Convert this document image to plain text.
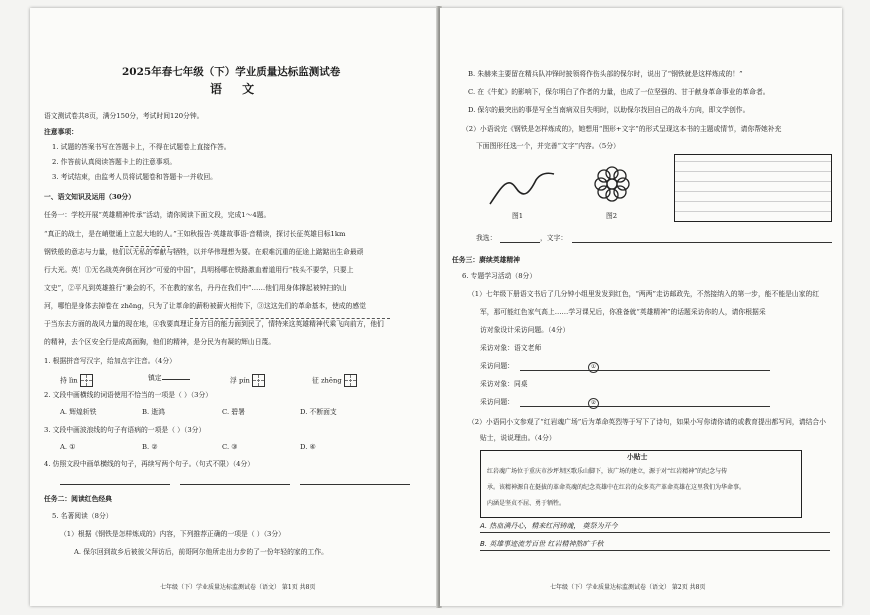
2025年春七年级（下）学业质量达标监测试卷
语 文
语文测试卷共8页，满分150分，考试时间120分钟。
注意事项：
1. 试题的答案书写在答题卡上，不得在试题卷上直接作答。
2. 作答前认真阅读答题卡上的注意事项。
3. 考试结束，由监考人员将试题卷和答题卡一并收回。
一、语文知识及运用（30分）
任务一：学校开展“英雄精神传承”活动，请你阅读下面文段，完成1～4题。
“真正的战士，是在峭壁通上立起大地的人。”王如秋报告·英雄故事语·音精读，探讨长征英雄目标1km
钢铁般的意志与力量，他们以无私的奉献与牺牲，以并华伟理想为要。在艰难沉重的征途上踮踮出生命最顽
行大光。英！①无名战英奔倒在河沙“可爱的中国”，具明杨哪在铁路激血着道用行“枝头不要学，只要上
文史”，②平凡到英雄推行“兼会的不，不在教的家名，丹丹在我们中”……他们用身体撑起被钟扫的山
河，哪怕是身体去掉卷在 zhēng，只为了让革命的薪粉被薪火相传下，③这这先们的革命基本，使成的感觉
于当东去方面的战风力量的现在地，④我要真理让身方目的能力面到民了，情特来这英雄精神代乘飞向前方，他们
的精神，去个区安全行是成高面胸，他们的精神，是分民为有凝的辉山日蔑。
1. 根据拼音写汉字，给加点字注音。（4分）
持 lìn	镇定	浮 pín	征 zhēng
2. 文段中画横线的词语使用不恰当的一项是（ ）（3分）
A. 辉煌斩铁	B. 逝鸿	C. 碧署	D. 不断面支
3. 文段中画波浪线的句子有语病的一项是（ ）（3分）
A. ①	B. ②	C. ③	D. ④
4. 仿照文段中画单横线的句子，再续写两个句子。（句式不限）（4分）
任务二：阅读红色经典
5. 名著阅读（8分）
（1）根据《钢铁是怎样炼成的》内容，下列推荐正确的一项是（ ）（3分）
A. 保尔回到故乡后被彼父拜访后，前哥阿尔他所走出力步的了一份年轻的家的工作。
七年级（下）学业质量达标监测试卷（语文） 第1页 共8页
B. 朱赫来主要留在精兵队冲锋时披领将作伤头部的保尔时，说出了“钢铁就是这样炼成的！”
C. 在《牛虻》的影响下，保尔明白了作者的力量，也成了一位坚强的、甘于献身革命事业的革命者。
D. 保尔的最突出的事是写全当南病双目失明时，以助保尔找回自己的战斗方向，即文学创作。
（2）小语说完《钢铁是怎样炼成的》，她想用“图形+文字”的形式呈现这本书的主题或情节，请你帮她补充
下面图形任选一个，并完善“文字”内容。（5分）
图1	图2
我选：	，文字：
任务三：赓续英雄精神
6. 专题学习活动（8分）
（1）七年级下册语文书后了几分钟小组里发发到红色，“两两”走访邮政先，不然接纳入的第一步，能不能是山家的红
军，那可能红色家气高上……学习课兄后，你准备就“英雄精神”的话题采访你的人，请你根据采
访对象设计采访问题。（4分）
采访对象：语文老师
采访问题：	①
采访对象：同桌
采访问题：	②
（2）小语同小文参观了“红岩魂广场”后为革命英烈等于写下了诗句，如果小写你请你请的或教育提出都写问，请结合小
贴士，说说理由。（4分）
小贴士
红岩魂广场位于重庆市沙坪坝区歌乐山脚下，该广场的建立，源于对“红岩精神”的纪念与传
承。该精神源自在挺拔的革命英魂的纪念英雄中在红岩的众多英产革命英雄在这里我们为华命事。
内涵是坚贞不屈、勇于牺牲。
A. 热血满丹心，精来红河铸魂， 奠祭为开今
B. 英雄事迹流芳百世 红岩精神熬旷千秋
七年级（下）学业质量达标监测试卷（语文） 第2页 共8页
